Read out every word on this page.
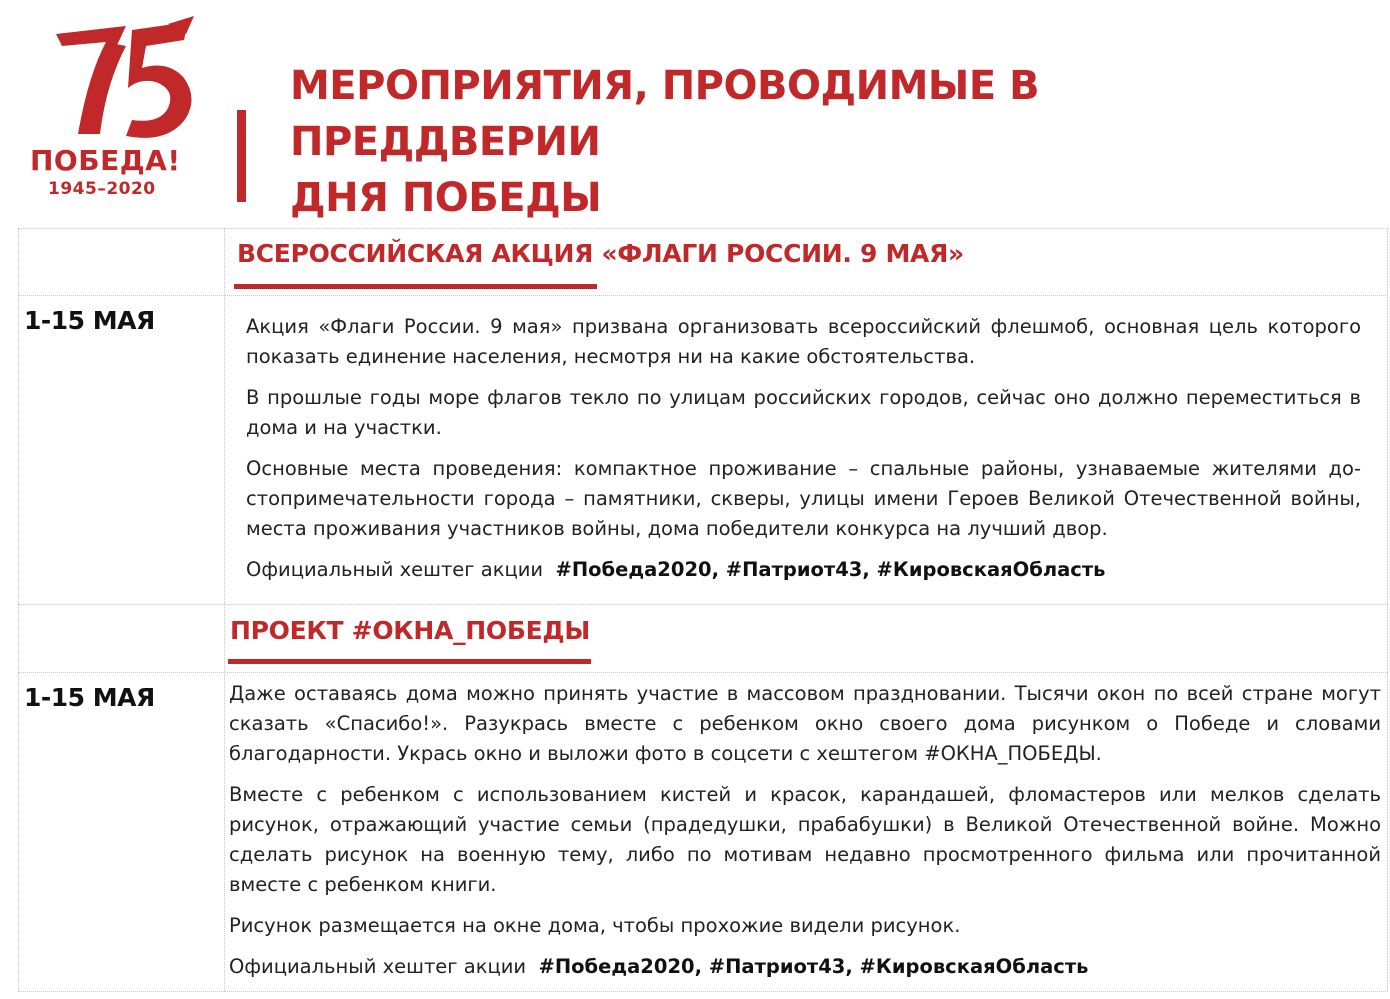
ПОБЕДА!
1945–2020
МЕРОПРИЯТИЯ, ПРОВОДИМЫЕ В ПРЕДДВЕРИИ
ДНЯ ПОБЕДЫ
ВСЕРОССИЙСКАЯ АКЦИЯ «ФЛАГИ РОССИИ. 9 МАЯ»
1-15 МАЯ	Акция «Флаги России. 9 мая» призвана организовать всероссийский флешмоб, основная цель которого показать единение населения, несмотря ни на какие обстоятельства.

В прошлые годы море флагов текло по улицам российских городов, сейчас оно должно переместиться в дома и на участки.

Основные места проведения: компактное проживание – спальные районы, узнаваемые жителями до-стопримечательности города – памятники, скверы, улицы имени Героев Великой Отечественной войны, места проживания участников войны, дома победители конкурса на лучший двор.

Официальный хештег акции #Победа2020, #Патриот43, #КировскаяОбласть

ПРОЕКТ #ОКНА_ПОБЕДЫ
1-15 МАЯ	Даже оставаясь дома можно принять участие в массовом праздновании. Тысячи окон по всей стране могут сказать «Спасибо!». Разукрась вместе с ребенком окно своего дома рисунком о Победе и словами благодарности. Укрась окно и выложи фото в соцсети с хештегом #ОКНА_ПОБЕДЫ.

Вместе с ребенком с использованием кистей и красок, карандашей, фломастеров или мелков сделать рисунок, отражающий участие семьи (прадедушки, прабабушки) в Великой Отечественной войне. Можно сделать рисунок на военную тему, либо по мотивам недавно просмотренного фильма или прочитанной вместе с ребенком книги.

Рисунок размещается на окне дома, чтобы прохожие видели рисунок.

Официальный хештег акции #Победа2020, #Патриот43, #КировскаяОбласть
